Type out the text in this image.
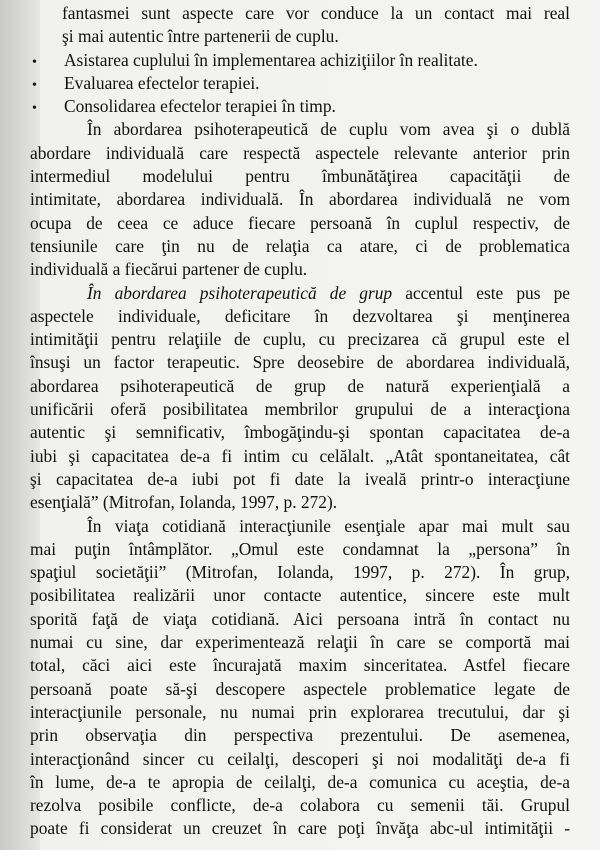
fantasmei sunt aspecte care vor conduce la un contact mai real
şi mai autentic între partenerii de cuplu.
•	Asistarea cuplului în implementarea achiziţiilor în realitate.
•	Evaluarea efectelor terapiei.
•	Consolidarea efectelor terapiei în timp.
În abordarea psihoterapeutică de cuplu vom avea şi o dublă
abordare individuală care respectă aspectele relevante anterior prin
intermediul modelului pentru îmbunătăţirea capacităţii de
intimitate, abordarea individuală. În abordarea individuală ne vom
ocupa de ceea ce aduce fiecare persoană în cuplul respectiv, de
tensiunile care ţin nu de relaţia ca atare, ci de problematica
individuală a fiecărui partener de cuplu.
În abordarea psihoterapeutică de grup accentul este pus pe
aspectele individuale, deficitare în dezvoltarea şi menţinerea
intimităţii pentru relaţiile de cuplu, cu precizarea că grupul este el
însuşi un factor terapeutic. Spre deosebire de abordarea individuală,
abordarea psihoterapeutică de grup de natură experienţială a
unificării oferă posibilitatea membrilor grupului de a interacţiona
autentic şi semnificativ, îmbogăţindu-şi spontan capacitatea de-a
iubi şi capacitatea de-a fi intim cu celălalt. „Atât spontaneitatea, cât
şi capacitatea de-a iubi pot fi date la iveală printr-o interacţiune
esenţială” (Mitrofan, Iolanda, 1997, p. 272).
În viaţa cotidiană interacţiunile esenţiale apar mai mult sau
mai puţin întâmplător. „Omul este condamnat la „persona” în
spaţiul societăţii” (Mitrofan, Iolanda, 1997, p. 272). În grup,
posibilitatea realizării unor contacte autentice, sincere este mult
sporită faţă de viaţa cotidiană. Aici persoana intră în contact nu
numai cu sine, dar experimentează relaţii în care se comportă mai
total, căci aici este încurajată maxim sinceritatea. Astfel fiecare
persoană poate să-şi descopere aspectele problematice legate de
interacţiunile personale, nu numai prin explorarea trecutului, dar şi
prin observaţia din perspectiva prezentului. De asemenea,
interacţionând sincer cu ceilalţi, descoperi şi noi modalităţi de-a fi
în lume, de-a te apropia de ceilalţi, de-a comunica cu aceştia, de-a
rezolva posibile conflicte, de-a colabora cu semenii tăi. Grupul
poate fi considerat un creuzet în care poţi învăţa abc-ul intimităţii -
